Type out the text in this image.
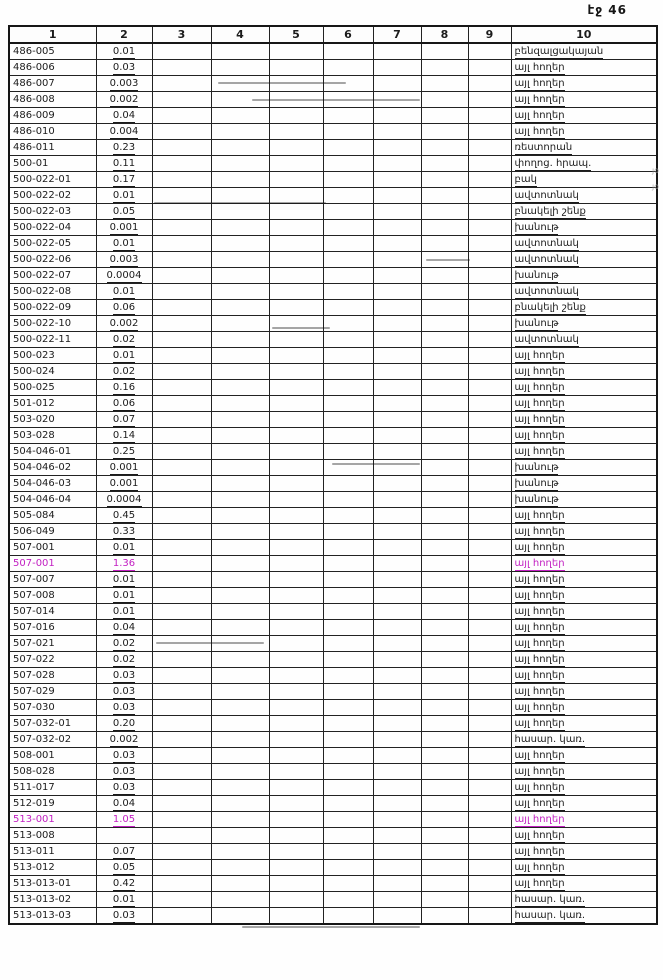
էջ 46
1	2	3	4	5	6	7	8	9	10
486-005	0.01								բենզալցակայան
486-006	0.03								այլ հողեր
486-007	0.003								այլ հողեր
486-008	0.002								այլ հողեր
486-009	0.04								այլ հողեր
486-010	0.004								այլ հողեր
486-011	0.23								ռեստորան
500-01	0.11								փողոց. հրապ.
500-022-01	0.17								բակ
500-022-02	0.01								ավտոտնակ
500-022-03	0.05								բնակելի շենք
500-022-04	0.001								խանութ
500-022-05	0.01								ավտոտնակ
500-022-06	0.003								ավտոտնակ
500-022-07	0.0004								խանութ
500-022-08	0.01								ավտոտնակ
500-022-09	0.06								բնակելի շենք
500-022-10	0.002								խանութ
500-022-11	0.02								ավտոտնակ
500-023	0.01								այլ հողեր
500-024	0.02								այլ հողեր
500-025	0.16								այլ հողեր
501-012	0.06								այլ հողեր
503-020	0.07								այլ հողեր
503-028	0.14								այլ հողեր
504-046-01	0.25								այլ հողեր
504-046-02	0.001								խանութ
504-046-03	0.001								խանութ
504-046-04	0.0004								խանութ
505-084	0.45								այլ հողեր
506-049	0.33								այլ հողեր
507-001	0.01								այլ հողեր
507-001	1.36								այլ հողեր
507-007	0.01								այլ հողեր
507-008	0.01								այլ հողեր
507-014	0.01								այլ հողեր
507-016	0.04								այլ հողեր
507-021	0.02								այլ հողեր
507-022	0.02								այլ հողեր
507-028	0.03								այլ հողեր
507-029	0.03								այլ հողեր
507-030	0.03								այլ հողեր
507-032-01	0.20								այլ հողեր
507-032-02	0.002								հասար. կառ.
508-001	0.03								այլ հողեր
508-028	0.03								այլ հողեր
511-017	0.03								այլ հողեր
512-019	0.04								այլ հողեր
513-001	1.05								այլ հողեր
513-008									այլ հողեր
513-011	0.07								այլ հողեր
513-012	0.05								այլ հողեր
513-013-01	0.42								այլ հողեր
513-013-02	0.01								հասար. կառ.
513-013-03	0.03								հասար. կառ.
յօ
յօ
